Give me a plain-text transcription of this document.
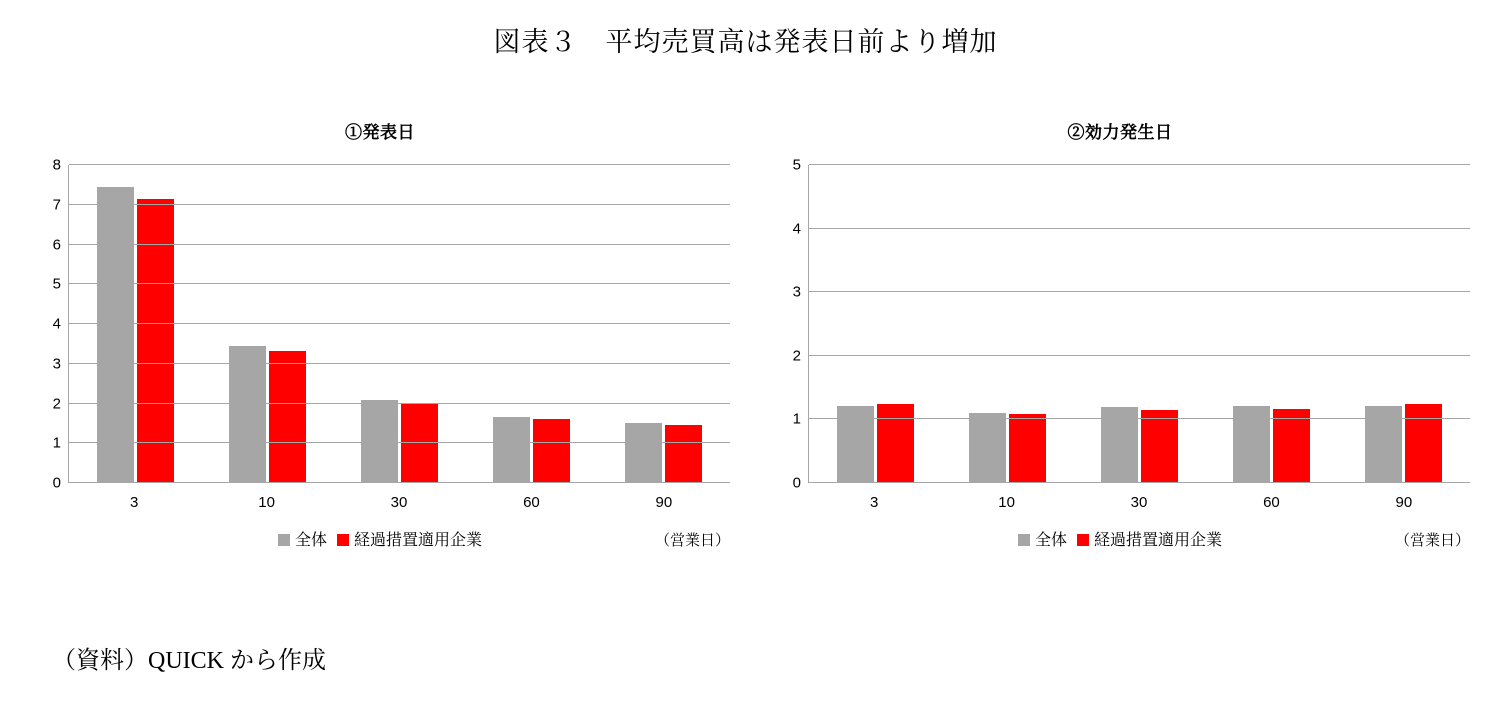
図表３　平均売買高は発表日前より増加
①発表日
0
1
2
3
4
5
6
7
8
3	10	30	60	90
全体	経過措置適用企業	（営業日）
②効力発生日
0
1
2
3
4
5
3	10	30	60	90
全体	経過措置適用企業	（営業日）
（資料）QUICK から作成
